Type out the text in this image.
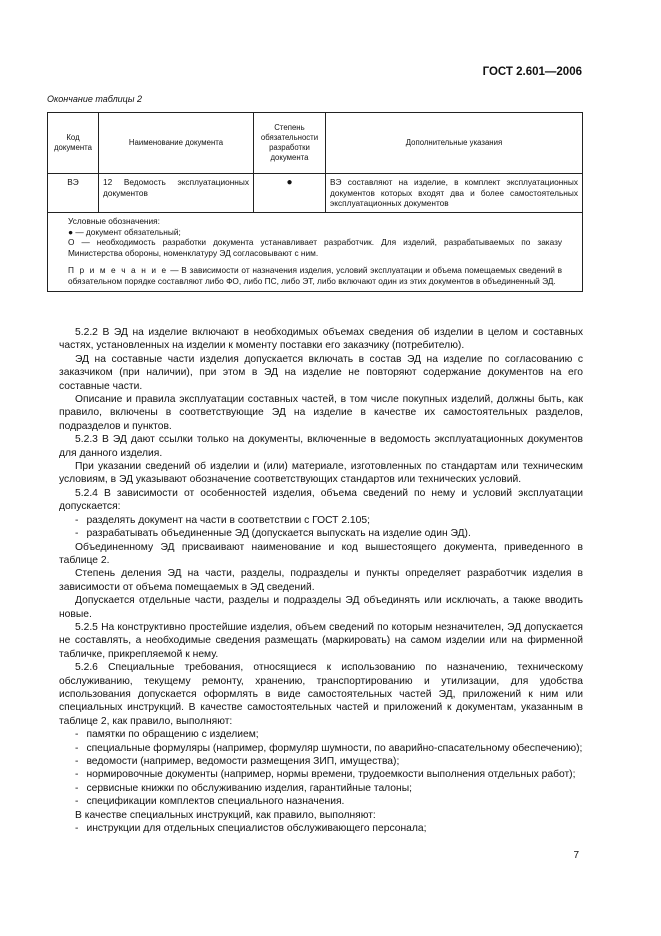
ГОСТ 2.601—2006
Окончание таблицы 2
Код документа	Наименование документа	Степень обязательности разработки документа	Дополнительные указания
ВЭ	12 Ведомость эксплуатационных документов	●	ВЭ составляют на изделие, в комплект эксплуатационных документов которых входят два и более самостоятельных эксплуатационных документов

Условные обозначения:

● — документ обязательный;

О — необходимость разработки документа устанавливает разработчик. Для изделий, разрабатываемых по заказу Министерства обороны, номенклатуру ЭД согласовывают с ним.

П р и м е ч а н и е — В зависимости от назначения изделия, условий эксплуатации и объема помещаемых сведений в обязательном порядке составляют либо ФО, либо ПС, либо ЭТ, либо включают один из этих документов в объединенный ЭД.			

5.2.2 В ЭД на изделие включают в необходимых объемах сведения об изделии в целом и составных частях, установленных на изделии к моменту поставки его заказчику (потребителю).

ЭД на составные части изделия допускается включать в состав ЭД на изделие по согласованию с заказчиком (при наличии), при этом в ЭД на изделие не повторяют содержание документов на его составные части.

Описание и правила эксплуатации составных частей, в том числе покупных изделий, должны быть, как правило, включены в соответствующие ЭД на изделие в качестве их самостоятельных разделов, подразделов и пунктов.

5.2.3 В ЭД дают ссылки только на документы, включенные в ведомость эксплуатационных документов для данного изделия.

При указании сведений об изделии и (или) материале, изготовленных по стандартам или техническим условиям, в ЭД указывают обозначение соответствующих стандартов или технических условий.

5.2.4 В зависимости от особенностей изделия, объема сведений по нему и условий эксплуатации допускается:

- разделять документ на части в соответствии с ГОСТ 2.105;

- разрабатывать объединенные ЭД (допускается выпускать на изделие один ЭД).

Объединенному ЭД присваивают наименование и код вышестоящего документа, приведенного в таблице 2.

Степень деления ЭД на части, разделы, подразделы и пункты определяет разработчик изделия в зависимости от объема помещаемых в ЭД сведений.

Допускается отдельные части, разделы и подразделы ЭД объединять или исключать, а также вводить новые.

5.2.5 На конструктивно простейшие изделия, объем сведений по которым незначителен, ЭД допускается не составлять, а необходимые сведения размещать (маркировать) на самом изделии или на фирменной табличке, прикрепляемой к нему.

5.2.6 Специальные требования, относящиеся к использованию по назначению, техническому обслуживанию, текущему ремонту, хранению, транспортированию и утилизации, для удобства использования допускается оформлять в виде самостоятельных частей ЭД, приложений к ним или специальных инструкций. В качестве самостоятельных частей и приложений к документам, указанным в таблице 2, как правило, выполняют:

- памятки по обращению с изделием;

- специальные формуляры (например, формуляр шумности, по аварийно-спасательному обеспечению);

- ведомости (например, ведомости размещения ЗИП, имущества);

- нормировочные документы (например, нормы времени, трудоемкости выполнения отдельных работ);

- сервисные книжки по обслуживанию изделия, гарантийные талоны;

- спецификации комплектов специального назначения.

В качестве специальных инструкций, как правило, выполняют:

- инструкции для отдельных специалистов обслуживающего персонала;

7
